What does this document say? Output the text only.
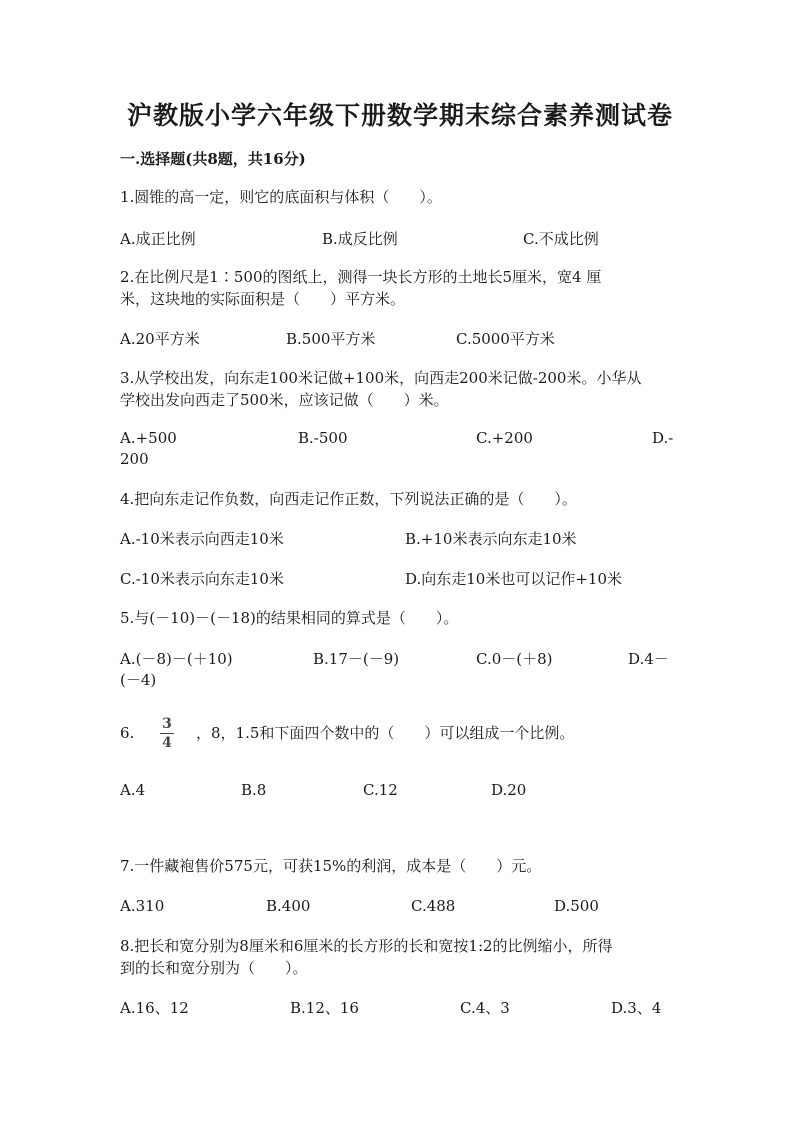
沪教版小学六年级下册数学期末综合素养测试卷
一.选择题(共8题，共16分)
1.圆锥的高一定，则它的底面积与体积（　　）。
A.成正比例	B.成反比例	C.不成比例
2.在比例尺是1∶500的图纸上，测得一块长方形的土地长5厘米，宽4 厘
米，这块地的实际面积是（　　）平方米。
A.20平方米	B.500平方米	C.5000平方米
3.从学校出发，向东走100米记做+100米，向西走200米记做-200米。小华从
学校出发向西走了500米，应该记做（　　）米。
A.+500	B.-500	C.+200	D.-
200
4.把向东走记作负数，向西走记作正数，下列说法正确的是（　　）。
A.-10米表示向西走10米	B.+10米表示向东走10米
C.-10米表示向东走10米	D.向东走10米也可以记作+10米
5.与(－10)－(－18)的结果相同的算式是（　　）。
A.(－8)－(＋10)	B.17－(－9)	C.0－(＋8)	D.4－
(－4)
6. 3
4
，8，1.5和下面四个数中的（　　）可以组成一个比例。
A.4	B.8	C.12	D.20
7.一件藏袍售价575元，可获15%的利润，成本是（　　）元。
A.310	B.400	C.488	D.500
8.把长和宽分别为8厘米和6厘米的长方形的长和宽按1:2的比例缩小，所得
到的长和宽分别为（　　）。
A.16、12	B.12、16	C.4、3	D.3、4
